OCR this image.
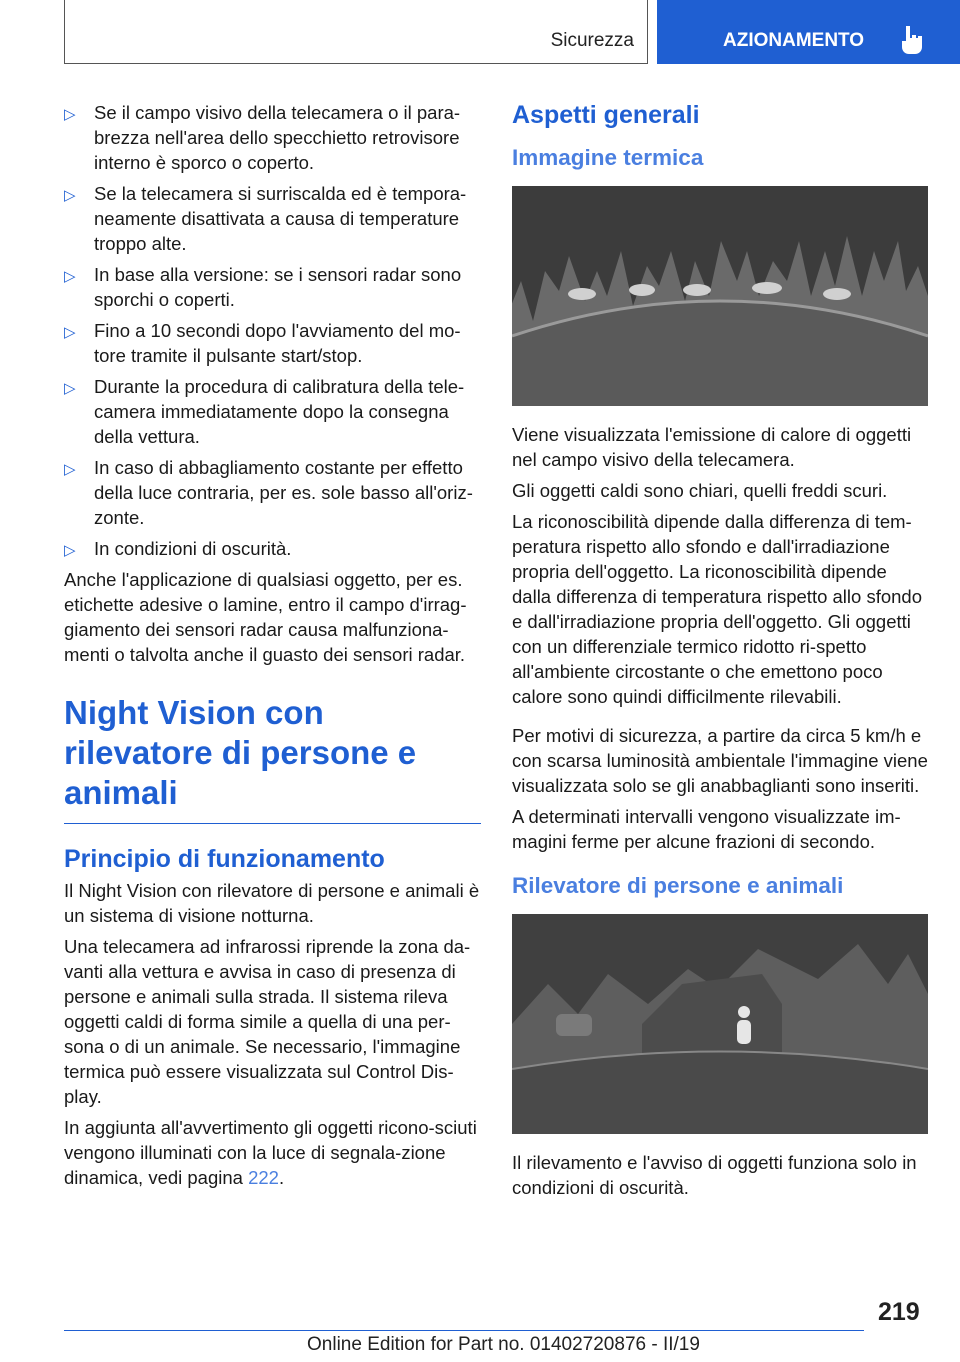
Sicurezza	AZIONAMENTO
▷ Se il campo visivo della telecamera o il para-brezza nell'area dello specchietto retrovisore interno è sporco o coperto.
▷ Se la telecamera si surriscalda ed è tempora-neamente disattivata a causa di temperature troppo alte.
▷ In base alla versione: se i sensori radar sono sporchi o coperti.
▷ Fino a 10 secondi dopo l'avviamento del mo-tore tramite il pulsante start/stop.
▷ Durante la procedura di calibratura della tele-camera immediatamente dopo la consegna della vettura.
▷ In caso di abbagliamento costante per effetto della luce contraria, per es. sole basso all'oriz-zonte.
▷ In condizioni di oscurità.

Anche l'applicazione di qualsiasi oggetto, per es. etichette adesive o lamine, entro il campo d'irrag-giamento dei sensori radar causa malfunziona-menti o talvolta anche il guasto dei sensori radar.

Night Vision con rilevatore di persone e animali
Principio di funzionamento

Il Night Vision con rilevatore di persone e animali è un sistema di visione notturna.

Una telecamera ad infrarossi riprende la zona da-vanti alla vettura e avvisa in caso di presenza di persone e animali sulla strada. Il sistema rileva oggetti caldi di forma simile a quella di una per-sona o di un animale. Se necessario, l'immagine termica può essere visualizzata sul Control Dis-play.

In aggiunta all'avvertimento gli oggetti ricono-sciuti vengono illuminati con la luce di segnala-zione dinamica, vedi pagina 222.

Aspetti generali
Immagine termica

Viene visualizzata l'emissione di calore di oggetti nel campo visivo della telecamera.

Gli oggetti caldi sono chiari, quelli freddi scuri.

La riconoscibilità dipende dalla differenza di tem-peratura rispetto allo sfondo e dall'irradiazione propria dell'oggetto. La riconoscibilità dipende dalla differenza di temperatura rispetto allo sfondo e dall'irradiazione propria dell'oggetto. Gli oggetti con un differenziale termico ridotto ri-spetto all'ambiente circostante o che emettono poco calore sono quindi difficilmente rilevabili.

Per motivi di sicurezza, a partire da circa 5 km/h e con scarsa luminosità ambientale l'immagine viene visualizzata solo se gli anabbaglianti sono inseriti.

A determinati intervalli vengono visualizzate im-magini ferme per alcune frazioni di secondo.

Rilevatore di persone e animali

Il rilevamento e l'avviso di oggetti funziona solo in condizioni di oscurità.

219
Online Edition for Part no. 01402720876 - II/19
